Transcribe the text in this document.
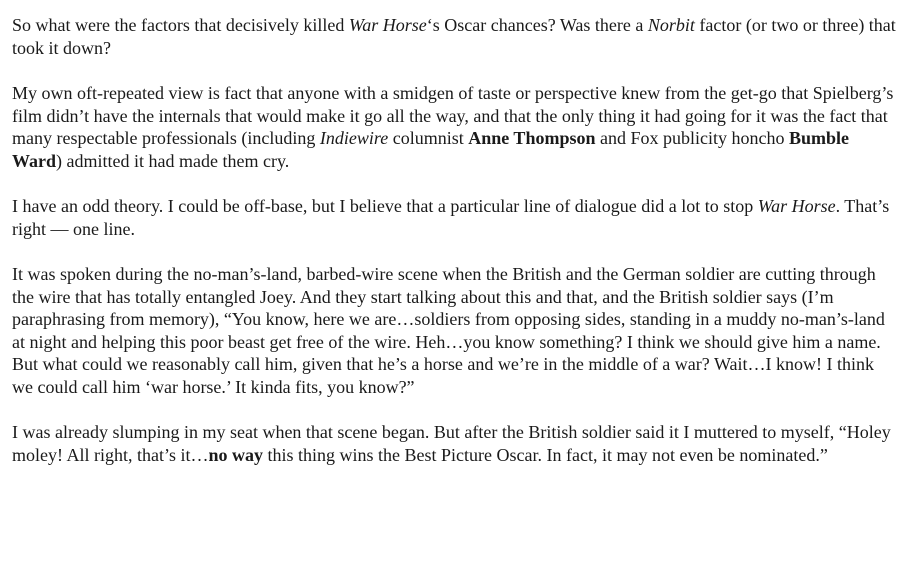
So what were the factors that decisively killed War Horse‘s Oscar chances? Was there a Norbit factor (or two or three) that took it down?

My own oft-repeated view is fact that anyone with a smidgen of taste or perspective knew from the get-go that Spielberg’s film didn’t have the internals that would make it go all the way, and that the only thing it had going for it was the fact that many respectable professionals (including Indiewire columnist Anne Thompson and Fox publicity honcho Bumble Ward) admitted it had made them cry.

I have an odd theory. I could be off-base, but I believe that a particular line of dialogue did a lot to stop War Horse. That’s right — one line.

It was spoken during the no-man’s-land, barbed-wire scene when the British and the German soldier are cutting through the wire that has totally entangled Joey. And they start talking about this and that, and the British soldier says (I’m paraphrasing from memory), “You know, here we are…soldiers from opposing sides, standing in a muddy no-man’s-land at night and helping this poor beast get free of the wire. Heh…you know something? I think we should give him a name. But what could we reasonably call him, given that he’s a horse and we’re in the middle of a war? Wait…I know! I think we could call him ‘war horse.’ It kinda fits, you know?”

I was already slumping in my seat when that scene began. But after the British soldier said it I muttered to myself, “Holey moley! All right, that’s it…no way this thing wins the Best Picture Oscar. In fact, it may not even be nominated.”
